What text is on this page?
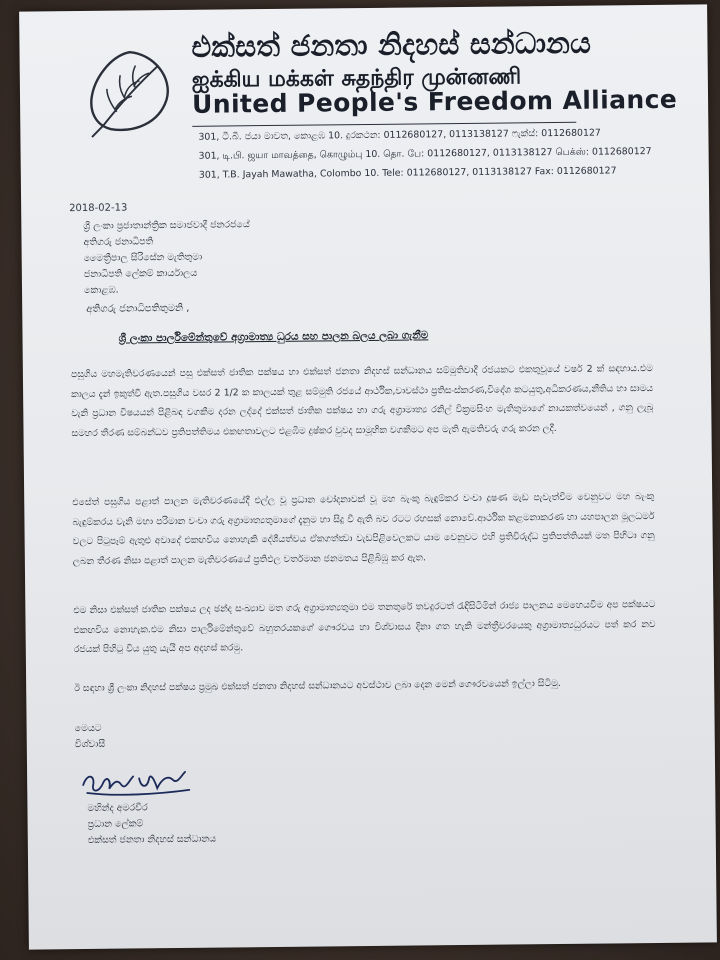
එක්සත් ජනතා නිදහස් සන්ධානය
ஐக்கிய மக்கள் சுதந்திர முன்னணி
United People's Freedom Alliance
301, ටී.බී. ජයා මාවත, කොළඹ 10. දුරකථන: 0112680127, 0113138127 ෆැක්ස්: 0112680127
301, டி.பி. ஜயா மாவத்தை, கொழும்பு 10. தொ. பே: 0112680127, 0113138127 பெக்ஸ்: 0112680127
301, T.B. Jayah Mawatha, Colombo 10. Tele: 0112680127, 0113138127 Fax: 0112680127
2018-02-13
ශ්‍රී ලංකා ප්‍රජාතාන්ත්‍රික සමාජවාදී ජනරජයේ
අතිගරු ජනාධිපති
මෛත්‍රීපාල සිරිසේන මැතිතුමා
ජනාධිපති ලේකම් කාර්යාලය
කොළඹ.
අතිගරු ජනාධිපතිතුමනි ,
ශ්‍රී ලංකා පාර්ලිමේන්තුවේ අග්‍රාමාත්‍ය ධුරය සහ පාලන බලය ලබා ගැනීම
පසුගිය මහමැතිවරණයෙන් පසු එක්සත් ජාතික පක්ෂය හා එක්සත් ජනතා නිදහස් සන්ධානය සම්මුතිවාදී රජයකට එකතුවූයේ වර්ෂ 2 ක් සඳහාය.එම කාලය දැන් ඉකුත්වී ඇත.පසුගිය වසර 2 1/2 ක කාලයක් තුළ සම්මුති රජයේ ආර්ථික,වාවස්ථා ප්‍රතිසංස්කරණ,විදේශ කටයුතු,අධිකරණය,නීතිය හා සාමය වැනි ප්‍රධාන විෂයයන් පිළිබඳ වගකීම දරන ලද්දේ එක්සත් ජාතික පක්ෂය හා ගරු අග්‍රාමාත්‍ය රනිල් වික්‍රමසිංහ මැතිතුමාගේ නායකත්වයෙන් , ගනු ලැබූ සමහර තීරණ සම්බන්ධව ප්‍රතිපත්තිමය එකඟතාවලට එළඹීම දුෂ්කර වුවද සාමූහික වගකීමට අප මැති ඇමතිවරු ගරු කරන ලදී.
එසේත් පසුගිය පළාත් පාලන මැතිවරණයේදී එල්ල වූ ප්‍රධාන චෝදනාවක් වූ මහ බැංකු බැඳුම්කර වංචා දූෂණ මැඩ පැවැත්වීම වෙනුවට මහ බැංකු බැඳුම්කරය වැනි මහා පරිමාන වංචා ගරු අග්‍රාමාත්‍යතුමාගේ දැනුම හා සිදු වී ඇති බව රටට රහසක් නොවේ.ආර්ථික කළමනාකරණ හා යහපාලන මූලධර්ම වලට පිටුපෑම් ඇතුළු අවාදේ එකඟවිය නොහැකි දේශීයත්වය ඒකගත්ත්‍වා වැඩපිළිවෙලකට යාම වෙනුවට එහි ප්‍රතිවිරුද්ධ ප්‍රතිපත්තියක් මත පිහිටා ගනු ලබන තීරණ නිසා පළාත් පාලන මැතිවරණයේ ප්‍රතිඵල වර්තමාන ජනමතය පිළිබිඹු කර ඇත.
එම නිසා එක්සත් ජාතික පක්ෂය ලද ඡන්ද සංඛ්‍යාව මත ගරු අග්‍රාමාත්‍යතුමා එම තනතුරේ තවදුරටත් රැඳිසිටිමින් රාජ්‍ය පාලනය මෙහෙයවීම අප පක්ෂයට එකඟවිය නොහැක.එම නිසා පාර්ලිමේන්තුවේ බහුතරයකගේ ගෞරවය හා විශ්වාසය දිනා ගත හැකි මන්ත්‍රීවරයෙකු අග්‍රාමාත්‍යධුරයට පත් කර නව රජයක් පිහිටු විය යුතු යැයි අප අදහස් කරමු.
ඊ සඳහා ශ්‍රී ලංකා නිදහස් පක්ෂය ප්‍රමුඛ එක්සත් ජනතා නිදහස් සන්ධානයට අවස්ථාව ලබා දෙන මෙන් ගෞරවයෙන් ඉල්ලා සිටිමු.
මෙයට
විශ්වාසී
මහින්ද අමරවීර
ප්‍රධාන ලේකම්
එක්සත් ජනතා නිදහස් සන්ධානය
